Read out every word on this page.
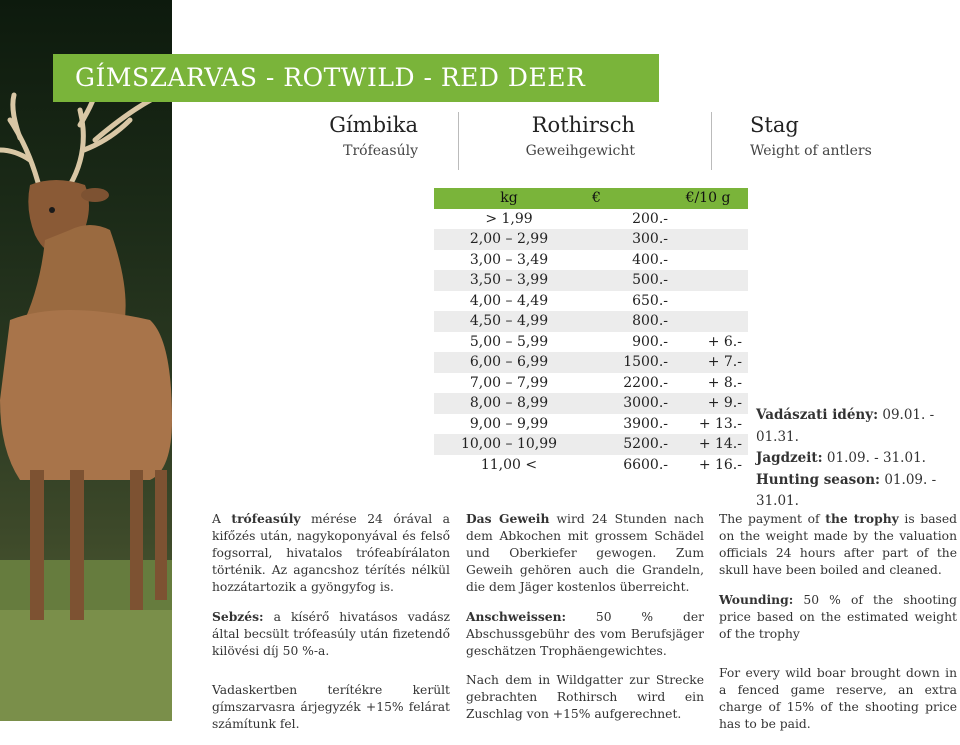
GÍMSZARVAS - ROTWILD - RED DEER
Gímbika
Trófeasúly
Rothirsch
Geweihgewicht
Stag
Weight of antlers
kg	€	€/10 g
> 1,99	200.-	
2,00 – 2,99	300.-	
3,00 – 3,49	400.-	
3,50 – 3,99	500.-	
4,00 – 4,49	650.-	
4,50 – 4,99	800.-	
5,00 – 5,99	900.-	+ 6.-
6,00 – 6,99	1500.-	+ 7.-
7,00 – 7,99	2200.-	+ 8.-
8,00 – 8,99	3000.-	+ 9.-
9,00 – 9,99	3900.-	+ 13.-
10,00 – 10,99	5200.-	+ 14.-
11,00 <	6600.-	+ 16.-
Vadászati idény: 09.01. - 01.31.
Jagdzeit: 01.09. - 31.01.
Hunting season: 01.09. - 31.01.

A trófeasúly mérése 24 órával a kifőzés után, nagykoponyával és felső fogsorral, hivatalos trófeabírálaton történik. Az agancshoz térítés nélkül hozzátartozik a gyöngyfog is.

Sebzés: a kísérő hivatásos vadász által becsült trófeasúly után fizetendő kilövési díj 50 %-a.

Vadaskertben terítékre került gímszarvasra árjegyzék +15% felárat számítunk fel.

Das Geweih wird 24 Stunden nach dem Abkochen mit grossem Schädel und Oberkiefer gewogen. Zum Geweih gehören auch die Grandeln, die dem Jäger kostenlos überreicht.

Anschweissen: 50 % der Abschussgebühr des vom Berufsjäger geschätzen Trophäengewichtes.

Nach dem in Wildgatter zur Strecke gebrachten Rothirsch wird ein Zuschlag von +15% aufgerechnet.

The payment of the trophy is based on the weight made by the valuation officials 24 hours after part of the skull have been boiled and cleaned.

Wounding: 50 % of the shooting price based on the estimated weight of the trophy

For every wild boar brought down in a fenced game reserve, an extra charge of 15% of the shooting price has to be paid.
